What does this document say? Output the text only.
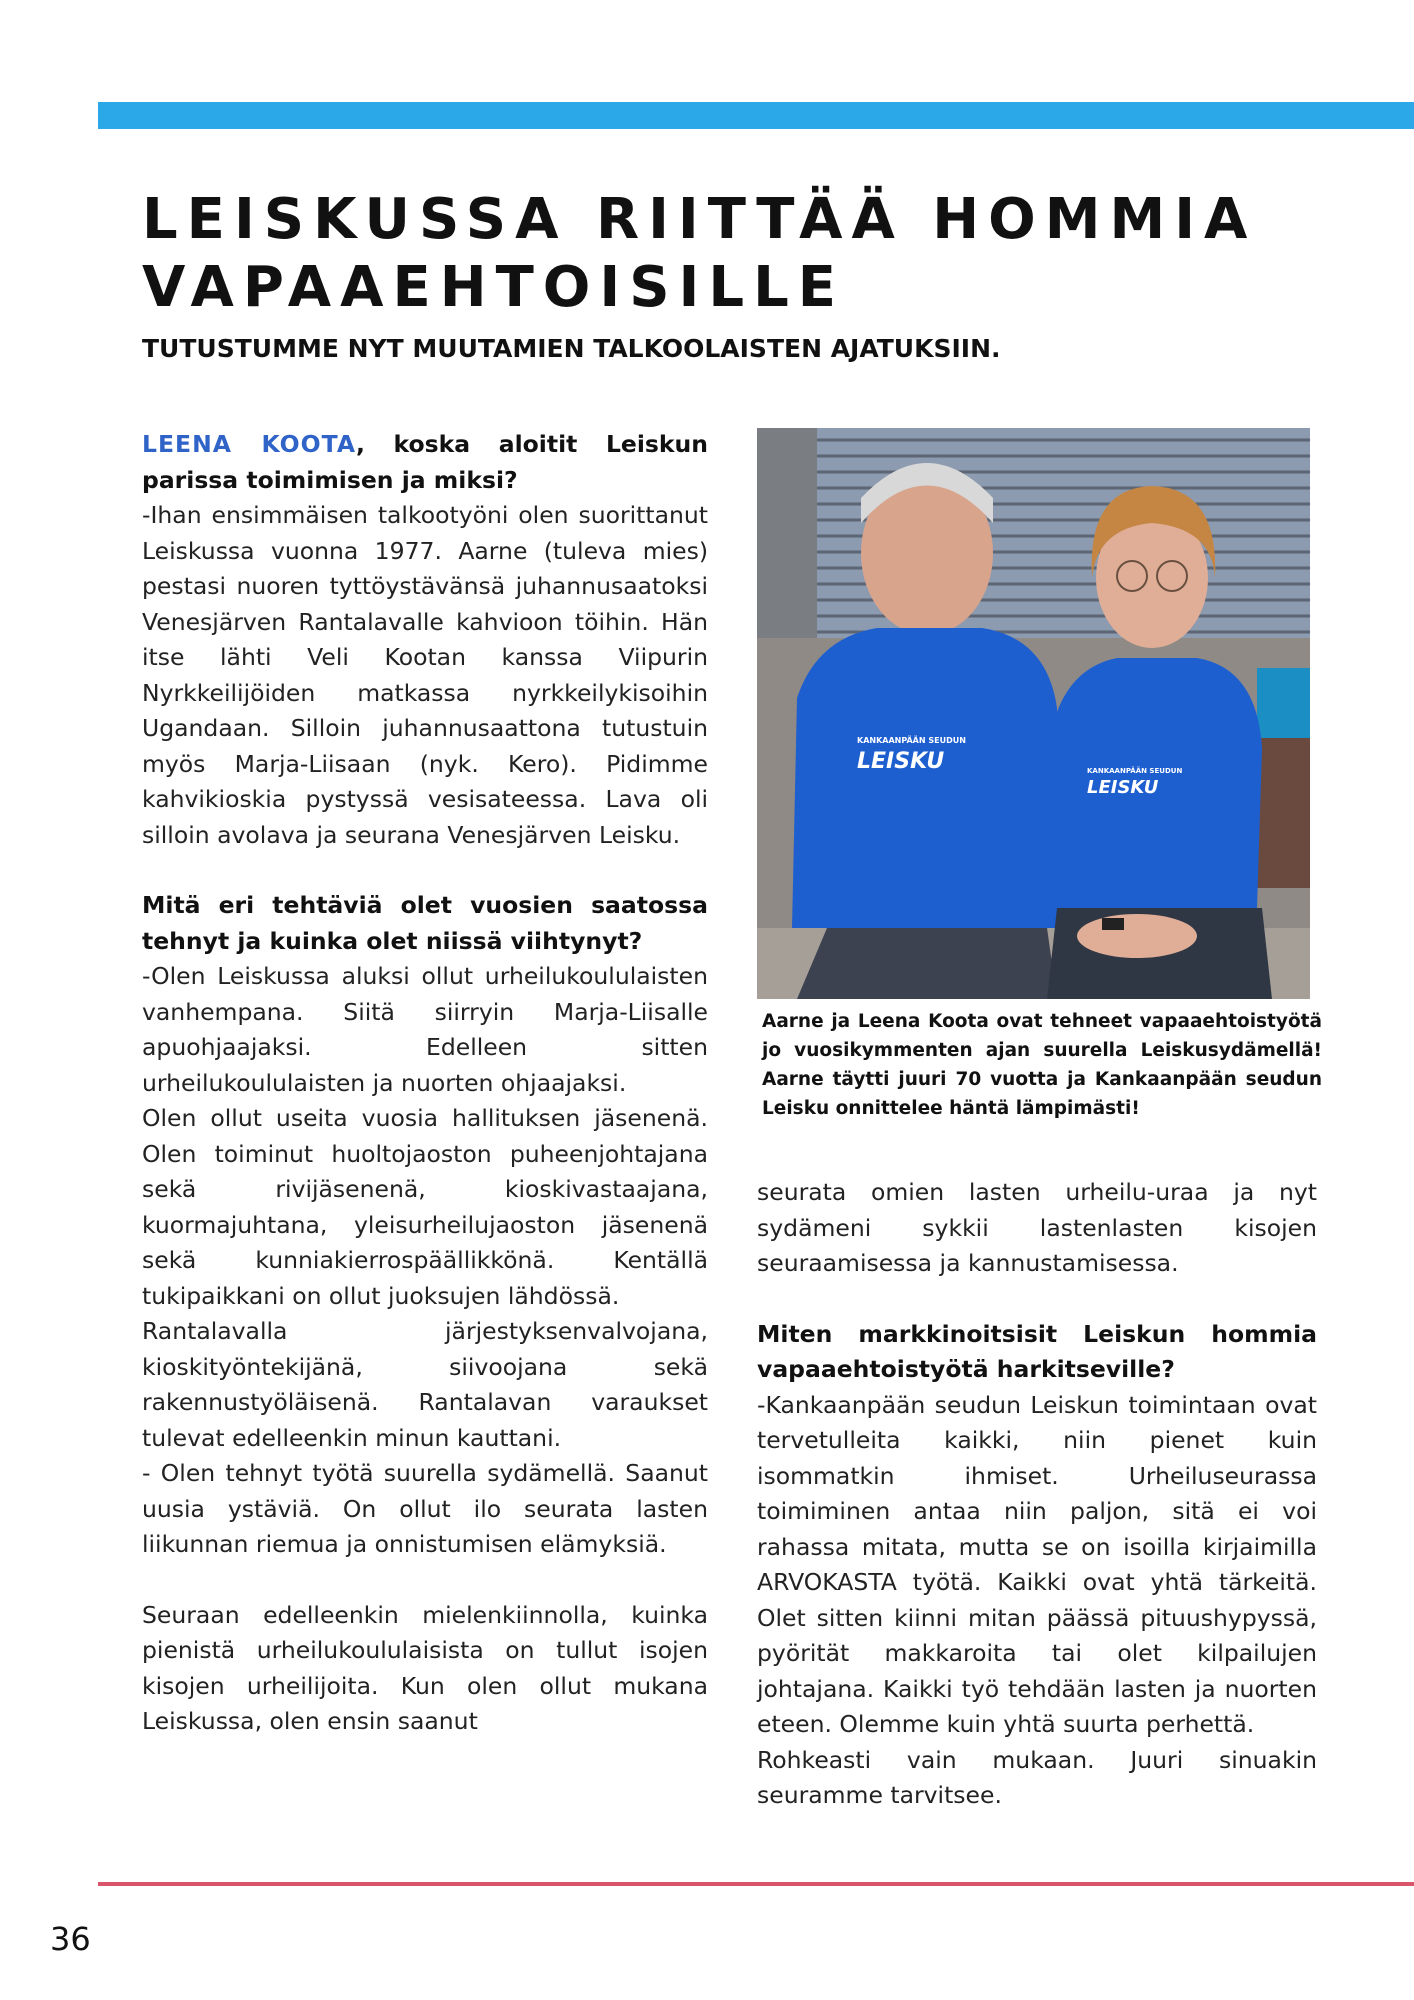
LEISKUSSA RIITTÄÄ HOMMIA
VAPAAEHTOISILLE
TUTUSTUMME NYT MUUTAMIEN TALKOOLAISTEN AJATUKSIIN.

LEENA KOOTA, koska aloitit Leiskun parissa toimimisen ja miksi?

-Ihan ensimmäisen talkootyöni olen suorittanut Leiskussa vuonna 1977. Aarne (tuleva mies) pestasi nuoren tyttöystävänsä juhannusaatoksi Venesjärven Rantalavalle kahvioon töihin. Hän itse lähti Veli Kootan kanssa Viipurin Nyrkkeilijöiden matkassa nyrkkeilykisoihin Ugandaan. Silloin juhannusaattona tutustuin myös Marja-Liisaan (nyk. Kero). Pidimme kahvikioskia pystyssä vesisateessa. Lava oli silloin avolava ja seurana Venesjärven Leisku.

Mitä eri tehtäviä olet vuosien saatossa tehnyt ja kuinka olet niissä viihtynyt?

-Olen Leiskussa aluksi ollut urheilukoululaisten vanhempana. Siitä siirryin Marja-Liisalle apuohjaajaksi. Edelleen sitten urheilukoululaisten ja nuorten ohjaajaksi.

Olen ollut useita vuosia hallituksen jäsenenä. Olen toiminut huoltojaoston puheenjohtajana sekä rivijäsenenä, kioskivastaajana, kuormajuhtana, yleisurheilujaoston jäsenenä sekä kunniakierrospäällikkönä. Kentällä tukipaikkani on ollut juoksujen lähdössä.

Rantalavalla järjestyksenvalvojana, kioskityöntekijänä, siivoojana sekä rakennustyöläisenä. Rantalavan varaukset tulevat edelleenkin minun kauttani.

- Olen tehnyt työtä suurella sydämellä. Saanut uusia ystäviä. On ollut ilo seurata lasten liikunnan riemua ja onnistumisen elämyksiä.

Seuraan edelleenkin mielenkiinnolla, kuinka pienistä urheilukoululaisista on tullut isojen kisojen urheilijoita. Kun olen ollut mukana Leiskussa, olen ensin saanut

KANKAANPÄÄN SEUDUN
LEISKU	KANKAANPÄÄN SEUDUN
LEISKU
Aarne ja Leena Koota ovat tehneet vapaaehtoistyötä jo vuosikymmenten ajan suurella Leiskusydämellä! Aarne täytti juuri 70 vuotta ja Kankaanpään seudun Leisku onnittelee häntä lämpimästi!

seurata omien lasten urheilu-uraa ja nyt sydämeni sykkii lastenlasten kisojen seuraamisessa ja kannustamisessa.

Miten markkinoitsisit Leiskun hommia vapaaehtoistyötä harkitseville?

-Kankaanpään seudun Leiskun toimintaan ovat tervetulleita kaikki, niin pienet kuin isommatkin ihmiset. Urheiluseurassa toimiminen antaa niin paljon, sitä ei voi rahassa mitata, mutta se on isoilla kirjaimilla ARVOKASTA työtä. Kaikki ovat yhtä tärkeitä. Olet sitten kiinni mitan päässä pituushypyssä, pyörität makkaroita tai olet kilpailujen johtajana. Kaikki työ tehdään lasten ja nuorten eteen. Olemme kuin yhtä suurta perhettä.

Rohkeasti vain mukaan. Juuri sinuakin seuramme tarvitsee.

36
